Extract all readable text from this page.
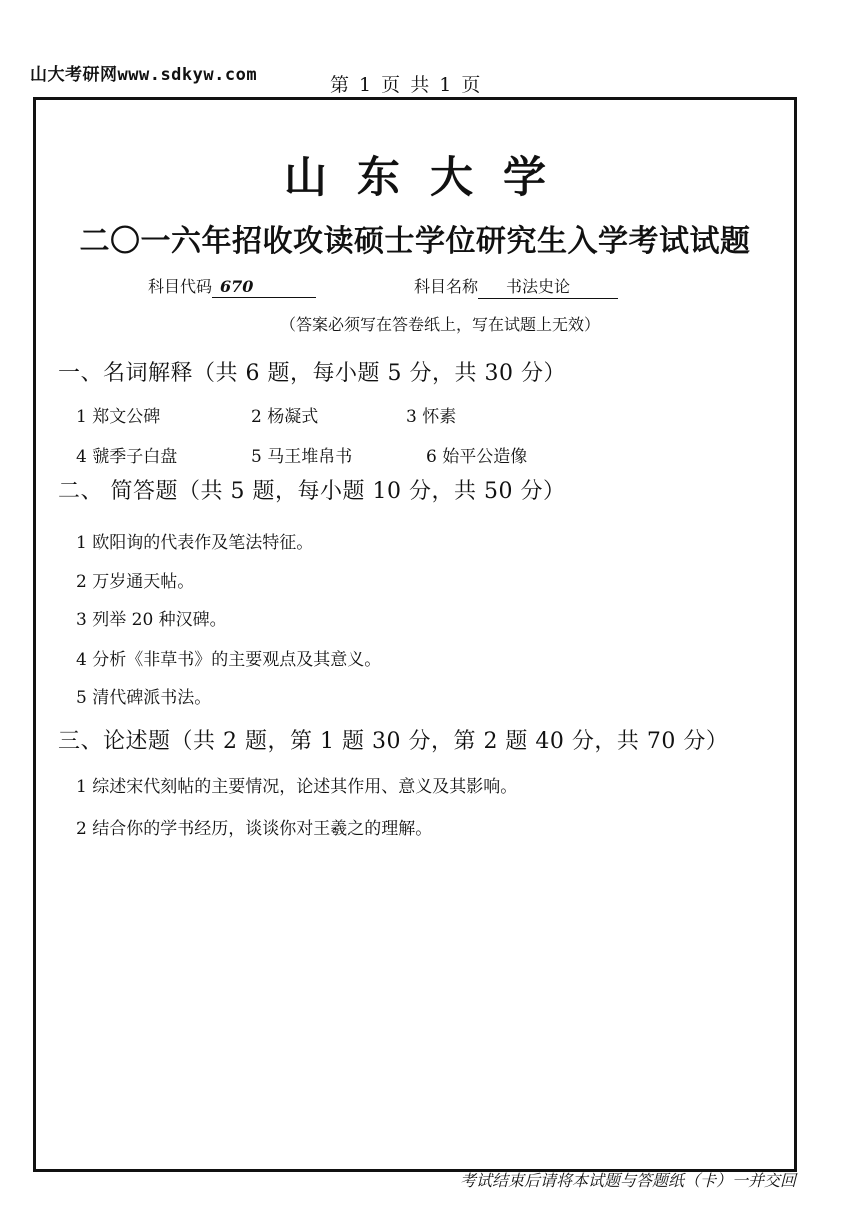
山大考研网www.sdkyw.com	第 1 页 共 1 页
山东大学
二〇一六年招收攻读硕士学位研究生入学考试试题
科目代码 670	科目名称 书法史论
（答案必须写在答卷纸上，写在试题上无效）
一、名词解释（共 6 题，每小题 5 分，共 30 分）
1 郑文公碑	2 杨凝式	3 怀素
4 虢季子白盘	5 马王堆帛书	6 始平公造像
二、 简答题（共 5 题，每小题 10 分，共 50 分）
1 欧阳询的代表作及笔法特征。
2 万岁通天帖。
3 列举 20 种汉碑。
4 分析《非草书》的主要观点及其意义。
5 清代碑派书法。
三、论述题（共 2 题，第 1 题 30 分，第 2 题 40 分，共 70 分）
1 综述宋代刻帖的主要情况，论述其作用、意义及其影响。
2 结合你的学书经历，谈谈你对王羲之的理解。
考试结束后请将本试题与答题纸（卡）一并交回
